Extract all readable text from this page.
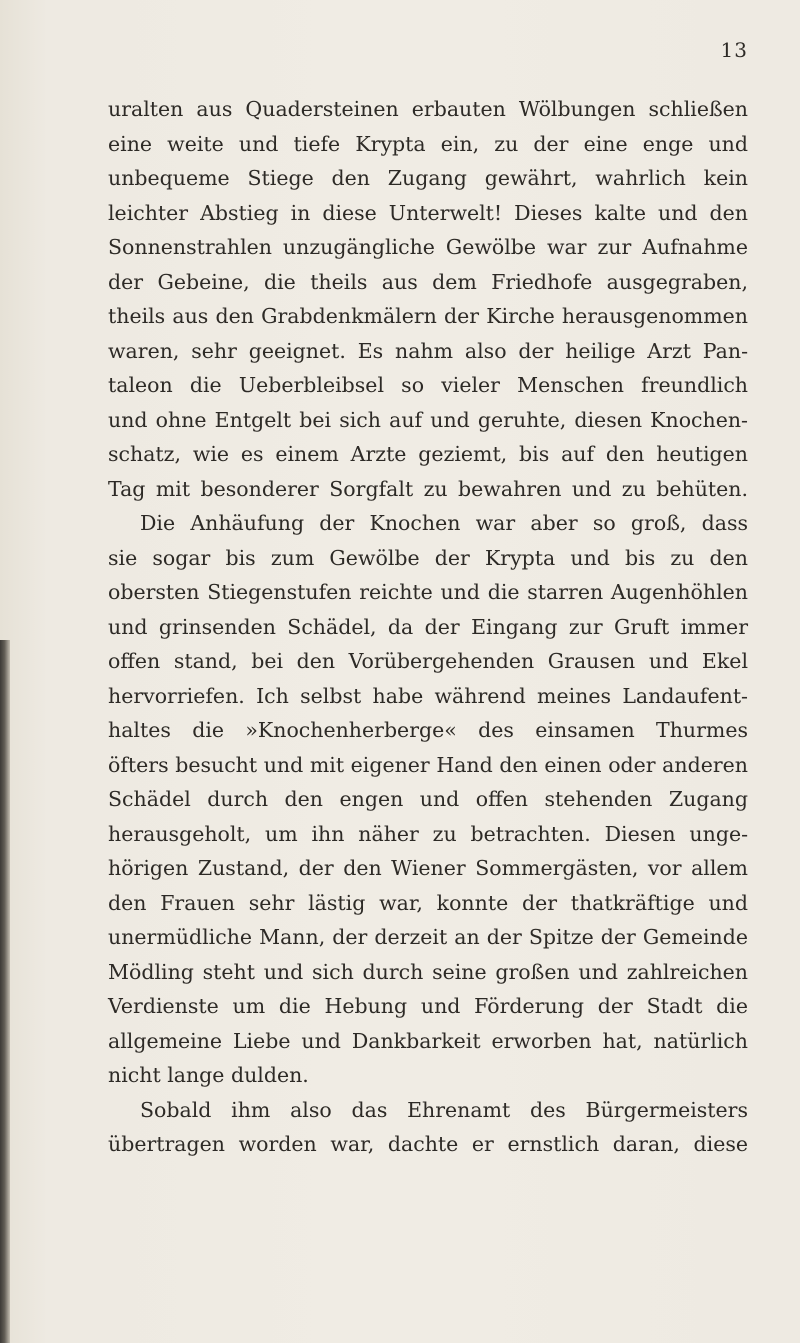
13
uralten aus Quadersteinen erbauten Wölbungen schließen
eine weite und tiefe Krypta ein, zu der eine enge und
unbequeme Stiege den Zugang gewährt, wahrlich kein
leichter Abstieg in diese Unterwelt! Dieses kalte und den
Sonnenstrahlen unzugängliche Gewölbe war zur Aufnahme
der Gebeine, die theils aus dem Friedhofe ausgegraben,
theils aus den Grabdenkmälern der Kirche herausgenommen
waren, sehr geeignet. Es nahm also der heilige Arzt Pan-
taleon die Ueberbleibsel so vieler Menschen freundlich
und ohne Entgelt bei sich auf und geruhte, diesen Knochen-
schatz, wie es einem Arzte geziemt, bis auf den heutigen
Tag mit besonderer Sorgfalt zu bewahren und zu behüten.
Die Anhäufung der Knochen war aber so groß, dass
sie sogar bis zum Gewölbe der Krypta und bis zu den
obersten Stiegenstufen reichte und die starren Augenhöhlen
und grinsenden Schädel, da der Eingang zur Gruft immer
offen stand, bei den Vorübergehenden Grausen und Ekel
hervorriefen. Ich selbst habe während meines Landaufent-
haltes die »Knochenherberge« des einsamen Thurmes
öfters besucht und mit eigener Hand den einen oder anderen
Schädel durch den engen und offen stehenden Zugang
herausgeholt, um ihn näher zu betrachten. Diesen unge-
hörigen Zustand, der den Wiener Sommergästen, vor allem
den Frauen sehr lästig war, konnte der thatkräftige und
unermüdliche Mann, der derzeit an der Spitze der Gemeinde
Mödling steht und sich durch seine großen und zahlreichen
Verdienste um die Hebung und Förderung der Stadt die
allgemeine Liebe und Dankbarkeit erworben hat, natürlich
nicht lange dulden.
Sobald ihm also das Ehrenamt des Bürgermeisters
übertragen worden war, dachte er ernstlich daran, diese
